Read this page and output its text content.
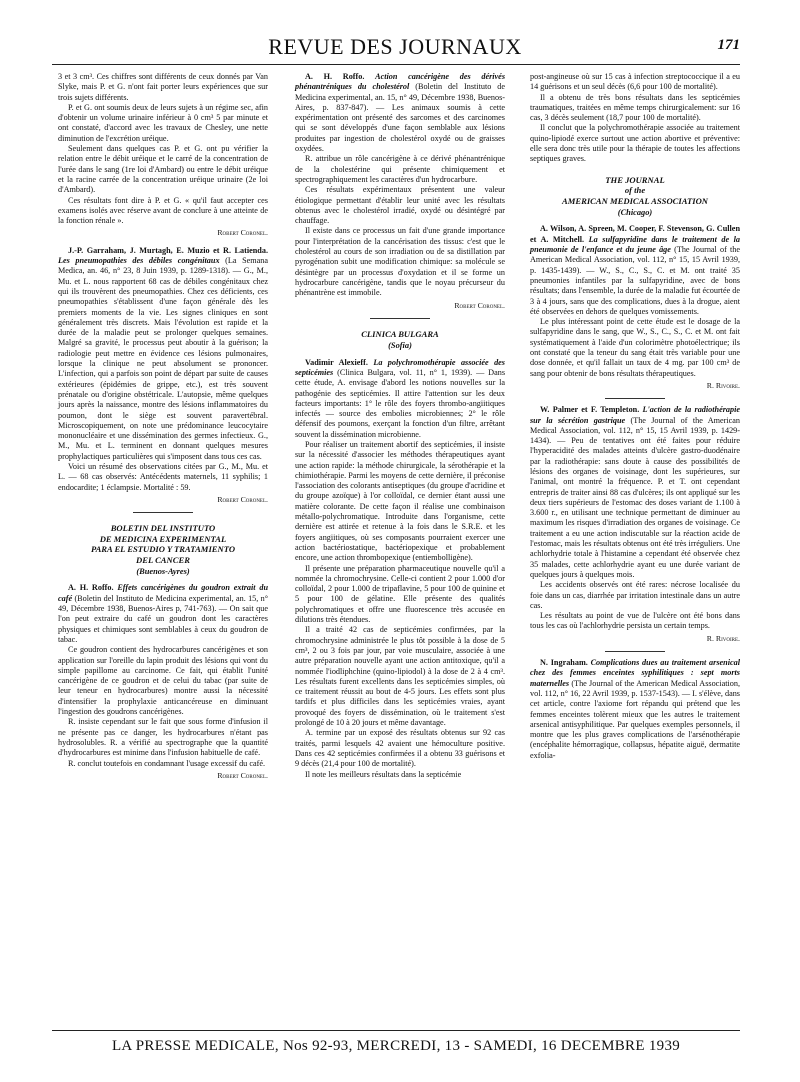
REVUE DES JOURNAUX	171

3 et 3 cm³. Ces chiffres sont différents de ceux donnés par Van Slyke, mais P. et G. n'ont fait porter leurs expériences que sur trois sujets différents.

P. et G. ont soumis deux de leurs sujets à un régime sec, afin d'obtenir un volume urinaire inférieur à 0 cm³ 5 par minute et ont constaté, d'accord avec les travaux de Chesley, une nette diminution de l'excrétion uréique.

Seulement dans quelques cas P. et G. ont pu vérifier la relation entre le débit uréique et le carré de la concentration de l'urée dans le sang (1re loi d'Ambard) ou entre le débit uréique et la racine carrée de la concentration uréique urinaire (2e loi d'Ambard).

Ces résultats font dire à P. et G. « qu'il faut accepter ces examens isolés avec réserve avant de conclure à une atteinte de la fonction rénale ».

Robert Coronel.

J.-P. Garraham, J. Murtagh, E. Muzio et R. Latienda. Les pneumopathies des débiles congénitaux (La Semana Medica, an. 46, n° 23, 8 Juin 1939, p. 1289-1318). — G., M., Mu. et L. nous rapportent 68 cas de débiles congénitaux chez qui ils trouvèrent des pneumopathies. Chez ces déficients, ces pneumopathies s'établissent d'une façon générale dès les premiers moments de la vie. Les signes cliniques en sont généralement très discrets. Mais l'évolution est rapide et la durée de la maladie peut se prolonger quelques semaines. Malgré sa gravité, le processus peut aboutir à la guérison; la radiologie peut mettre en évidence ces lésions pulmonaires, lorsque la clinique ne peut absolument se prononcer. L'infection, qui a parfois son point de départ par suite de causes extérieures (épidémies de grippe, etc.), est très souvent prénatale ou d'origine obstétricale. L'autopsie, même quelques jours après la naissance, montre des lésions inflammatoires du poumon, dont le siège est souvent paravertébral. Microscopiquement, on note une prédominance leucocytaire mononucléaire et une dissémination des germes infectieux. G., M., Mu. et L. terminent en donnant quelques mesures prophylactiques particulières qui s'imposent dans tous ces cas.

Voici un résumé des observations citées par G., M., Mu. et L. — 68 cas observés: Antécédents maternels, 11 syphilis; 1 endocardite; 1 éclampsie. Mortalité : 59.

Robert Coronel.
BOLETIN DEL INSTITUTO
DE MEDICINA EXPERIMENTAL
PARA EL ESTUDIO Y TRATAMIENTO
DEL CANCER
(Buenos-Ayres)

A. H. Roffo. Effets cancérigènes du goudron extrait du café (Boletin del Instituto de Medicina experimental, an. 15, n° 49, Décembre 1938, Buenos-Aires p, 741-763). — On sait que l'on peut extraire du café un goudron dont les caractères physiques et chimiques sont semblables à ceux du goudron de tabac.

Ce goudron contient des hydrocarbures cancérigènes et son application sur l'oreille du lapin produit des lésions qui vont du simple papillome au carcinome. Ce fait, qui établit l'unité cancérigène de ce goudron et de celui du tabac (par suite de leur teneur en hydrocarbures) montre aussi la nécessité d'intensifier la prophylaxie anticancéreuse en diminuant l'ingestion des goudrons cancérigènes.

R. insiste cependant sur le fait que sous forme d'infusion il ne présente pas ce danger, les hydrocarbures n'étant pas hydrosolubles. R. a vérifié au spectrographe que la quantité d'hydrocarbures est minime dans l'infusion habituelle de café.

R. conclut toutefois en condamnant l'usage excessif du café.

Robert Coronel.

A. H. Roffo. Action cancérigène des dérivés phénantréniques du cholestérol (Boletin del Instituto de Medicina experimental, an. 15, n° 49, Décembre 1938, Buenos-Aires, p. 837-847). — Les animaux soumis à cette expérimentation ont présenté des sarcomes et des carcinomes qui se sont développés d'une façon semblable aux lésions produites par ingestion de cholestérol oxydé ou de graisses oxydées.

R. attribue un rôle cancérigène à ce dérivé phénantrénique de la cholestérine qui présente chimiquement et spectrographiquement les caractères d'un hydrocarbure.

Ces résultats expérimentaux présentent une valeur étiologique permettant d'établir leur unité avec les résultats obtenus avec le cholestérol irradié, oxydé ou désintégré par chauffage.

Il existe dans ce processus un fait d'une grande importance pour l'interprétation de la cancérisation des tissus: c'est que le cholestérol au cours de son irradiation ou de sa distillation par pyrogénation subit une modification chimique: sa molécule se désintègre par un processus d'oxydation et il se forme un hydrocarbure cancérigène, tandis que le noyau précurseur du phénantrène est immobile.

Robert Coronel.
CLINICA BULGARA
(Sofia)

Vadimir Alexieff. La polychromothérapie associée des septicémies (Clinica Bulgara, vol. 11, n° 1, 1939). — Dans cette étude, A. envisage d'abord les notions nouvelles sur la pathogénie des septicémies. Il attire l'attention sur les deux facteurs importants: 1° le rôle des foyers thrombo-angiitiques infectés — source des embolies microbiennes; 2° le rôle défensif des poumons, exerçant la fonction d'un filtre, arrêtant souvent la dissémination microbienne.

Pour réaliser un traitement abortif des septicémies, il insiste sur la nécessité d'associer les méthodes thérapeutiques ayant une action rapide: la méthode chirurgicale, la sérothérapie et la chimiothérapie. Parmi les moyens de cette dernière, il préconise l'association des colorants antiseptiques (du groupe d'acridine et du groupe azoïque) à l'or colloïdal, ce dernier étant aussi une matière colorante. De cette façon il réalise une combinaison métallo-polychromatique. Introduite dans l'organisme, cette dernière est attirée et retenue à la fois dans le S.R.E. et les foyers angiitiques, où ses composants pourraient exercer une action bactériostatique, bactériopexique et probablement encore, une action thrombopexique (entiembolligène).

Il présente une préparation pharmaceutique nouvelle qu'il a nommée la chromochrysine. Celle-ci contient 2 pour 1.000 d'or colloïdal, 2 pour 1.000 de tripaflavine, 5 pour 100 de quinine et 5 pour 100 de gélatine. Elle présente des qualités polychromatiques et offre une fluorescence très accusée en dilutions très étendues.

Il a traité 42 cas de septicémies confirmées, par la chromochrysine administrée le plus tôt possible à la dose de 5 cm³, 2 ou 3 fois par jour, par voie musculaire, associée à une autre préparation nouvelle ayant une action antitoxique, qu'il a nommée l'iodliphchine (quino-lipiodol) à la dose de 2 à 4 cm³. Les résultats furent excellents dans les septicémies simples, où ce traitement réussit au bout de 4-5 jours. Les effets sont plus tardifs et plus difficiles dans les septicémies vraies, ayant provoqué des foyers de dissémination, où le traitement s'est prolongé de 10 à 20 jours et même davantage.

A. termine par un exposé des résultats obtenus sur 92 cas traités, parmi lesquels 42 avaient une hémoculture positive. Dans ces 42 septicémies confirmées il a obtenu 33 guérisons et 9 décès (21,4 pour 100 de mortalité).

Il note les meilleurs résultats dans la septicémie

post-angineuse où sur 15 cas à infection streptococcique il a eu 14 guérisons et un seul décès (6,6 pour 100 de mortalité).

Il a obtenu de très bons résultats dans les septicémies traumatiques, traitées en même temps chirurgicalement: sur 16 cas, 3 décès seulement (18,7 pour 100 de mortalité).

Il conclut que la polychromothérapie associée au traitement quino-lipiodé exerce surtout une action abortive et préventive: elle sera donc très utile pour la thérapie de toutes les affections septiques graves.

THE JOURNAL
of the
AMERICAN MEDICAL ASSOCIATION
(Chicago)

A. Wilson, A. Spreen, M. Cooper, F. Stevenson, G. Cullen et A. Mitchell. La sulfapyridine dans le traitement de la pneumonie de l'enfance et du jeune âge (The Journal of the American Medical Association, vol. 112, n° 15, 15 Avril 1939, p. 1435-1439). — W., S., C., S., C. et M. ont traité 35 pneumonies infantiles par la sulfapyridine, avec de bons résultats; dans l'ensemble, la durée de la maladie fut écourtée de 3 à 4 jours, sans que des complications, dues à la drogue, aient été observées en dehors de quelques vomissements.

Le plus intéressant point de cette étude est le dosage de la sulfapyridine dans le sang, que W., S., C., S., C. et M. ont fait systématiquement à l'aide d'un colorimètre photoélectrique; ils ont constaté que la teneur du sang était très variable pour une dose donnée, et qu'il fallait un taux de 4 mg. par 100 cm³ de sang pour obtenir de bons résultats thérapeutiques.

R. Rivoire.

W. Palmer et F. Templeton. L'action de la radiothérapie sur la sécrétion gastrique (The Journal of the American Medical Association, vol. 112, n° 15, 15 Avril 1939, p. 1429-1434). — Peu de tentatives ont été faites pour réduire l'hyperacidité des malades atteints d'ulcère gastro-duodénaire par la radiothérapie: sans doute à cause des possibilités de lésions des organes de voisinage, dont les supérieures, sur l'animal, ont montré la fréquence. P. et T. ont cependant entrepris de traiter ainsi 88 cas d'ulcères; ils ont appliqué sur les deux tiers supérieurs de l'estomac des doses variant de 1.100 à 3.600 r., en utilisant une technique permettant de diminuer au maximum les risques d'irradiation des organes de voisinage. Ce traitement a eu une action indiscutable sur la réaction acide de l'estomac, mais les résultats obtenus ont été très irréguliers. Une achlorhydrie totale à l'histamine a cependant été observée chez 35 malades, cette achlorhydrie ayant eu une durée variant de quelques jours à quelques mois.

Les accidents observés ont été rares: nécrose localisée du foie dans un cas, diarrhée par irritation intestinale dans un autre cas.

Les résultats au point de vue de l'ulcère ont été bons dans tous les cas où l'achlorhydrie persista un certain temps.

R. Rivoire.

N. Ingraham. Complications dues au traitement arsenical chez des femmes enceintes syphilitiques : sept morts maternelles (The Journal of the American Medical Association, vol. 112, n° 16, 22 Avril 1939, p. 1537-1543). — I. s'élève, dans cet article, contre l'axiome fort répandu qui prétend que les femmes enceintes tolèrent mieux que les autres le traitement arsenical antisyphilitique. Par quelques exemples personnels, il montre que les plus graves complications de l'arsénothérapie (encéphalite hémorragique, collapsus, hépatite aiguë, dermatite exfolia-

LA PRESSE MEDICALE, Nos 92-93, MERCREDI, 13 - SAMEDI, 16 DECEMBRE 1939
